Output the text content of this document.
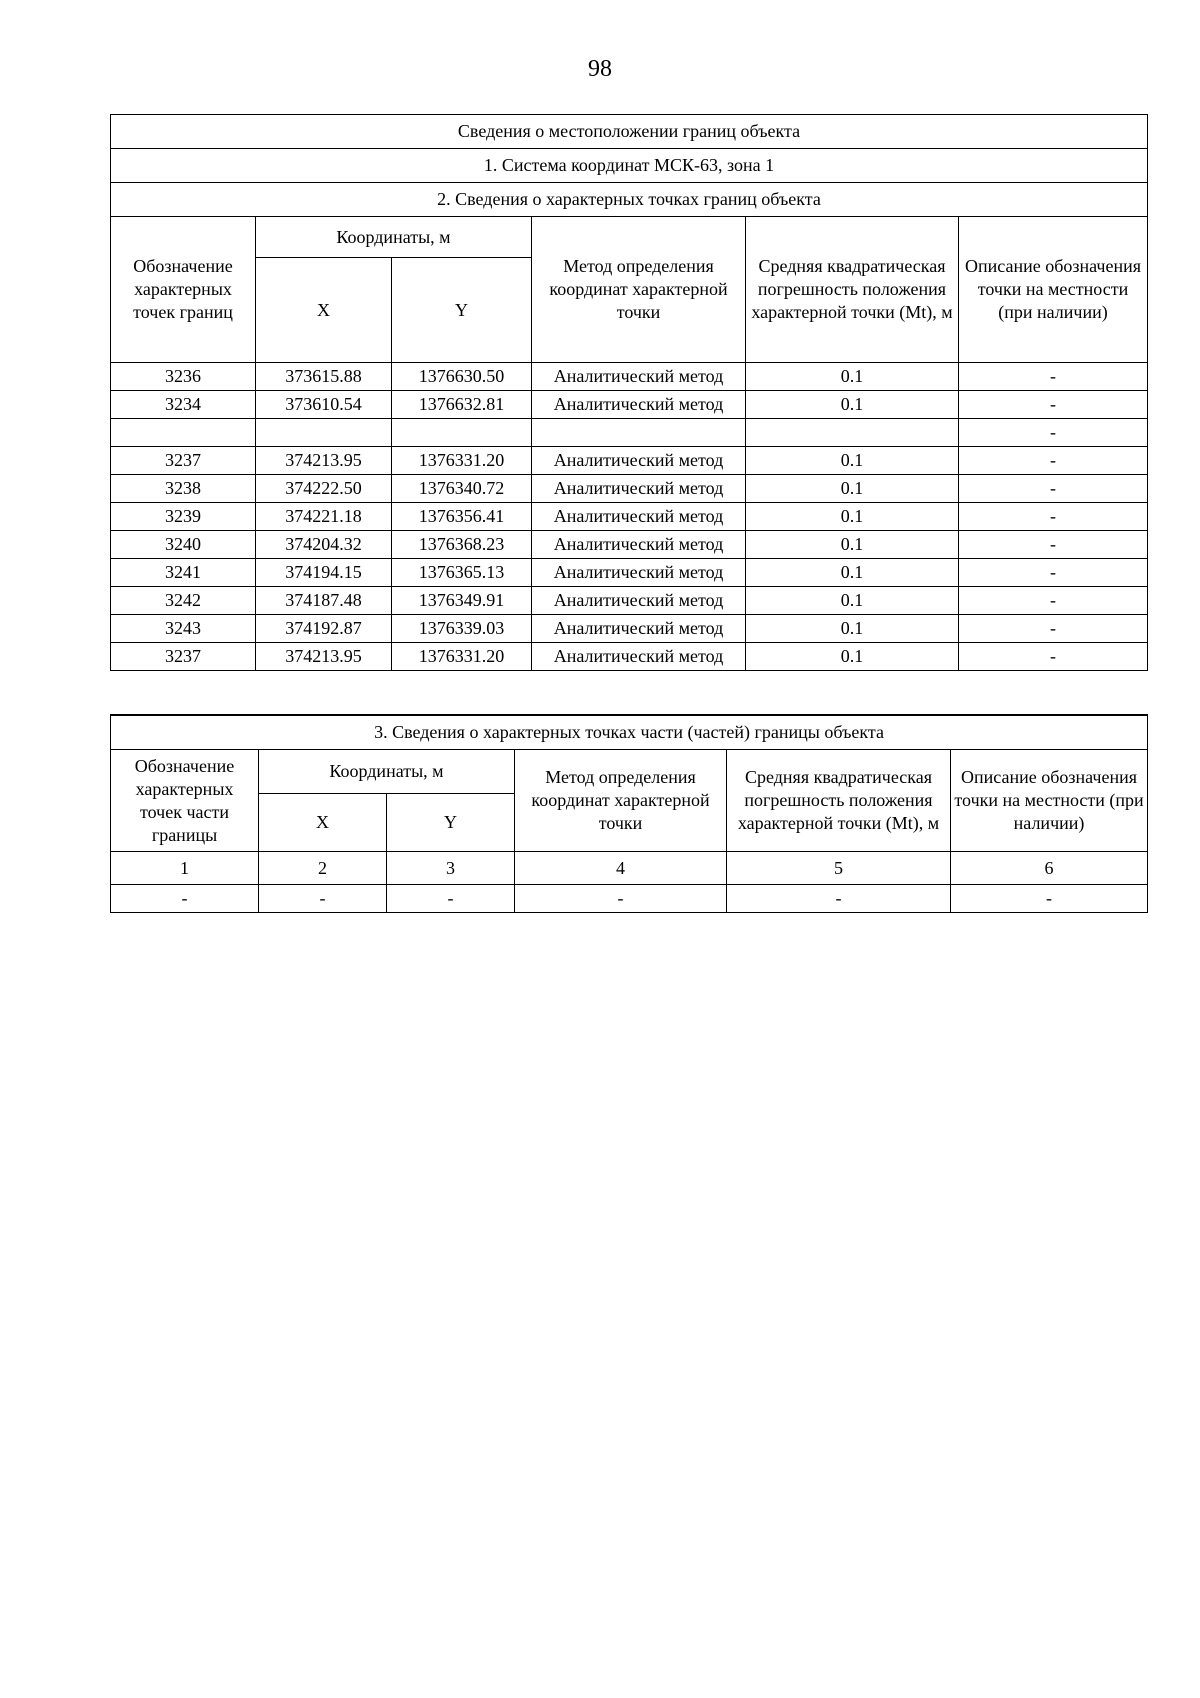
98
Сведения о местоположении границ объекта					
1. Система координат МСК-63, зона 1					
2. Сведения о характерных точках границ объекта					
Обозначение характерных точек границ	Координаты, м		Метод определения координат характерной точки	Средняя квадратическая погрешность положения характерной точки (Mt), м	Описание обозначения точки на местности (при наличии)
	X	Y			
3236	373615.88	1376630.50	Аналитический метод	0.1	-
3234	373610.54	1376632.81	Аналитический метод	0.1	-
					-
3237	374213.95	1376331.20	Аналитический метод	0.1	-
3238	374222.50	1376340.72	Аналитический метод	0.1	-
3239	374221.18	1376356.41	Аналитический метод	0.1	-
3240	374204.32	1376368.23	Аналитический метод	0.1	-
3241	374194.15	1376365.13	Аналитический метод	0.1	-
3242	374187.48	1376349.91	Аналитический метод	0.1	-
3243	374192.87	1376339.03	Аналитический метод	0.1	-
3237	374213.95	1376331.20	Аналитический метод	0.1	-
3. Сведения о характерных точках части (частей) границы объекта					
Обозначение характерных точек части границы	Координаты, м		Метод определения координат характерной точки	Средняя квадратическая погрешность положения характерной точки (Mt), м	Описание обозначения точки на местности (при наличии)
	X	Y			
1	2	3	4	5	6
-	-	-	-	-	-
